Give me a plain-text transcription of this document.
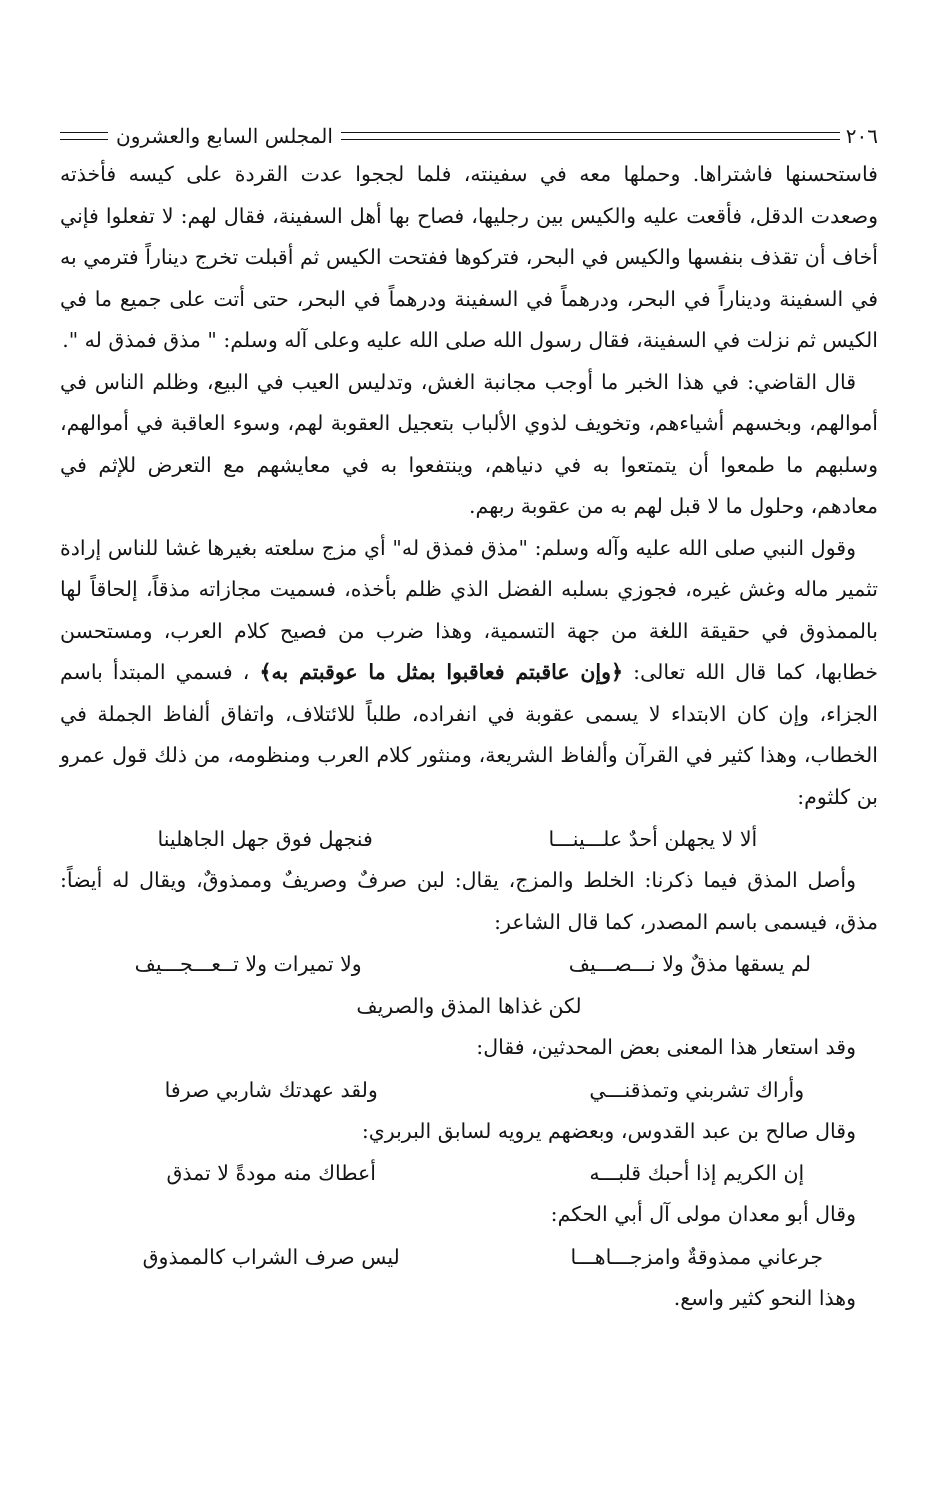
٢٠٦
المجلس السابع والعشرون

فاستحسنها فاشتراها. وحملها معه في سفينته، فلما لججوا عدت القردة على كيسه فأخذته وصعدت الدقل، فأقعت عليه والكيس بين رجليها، فصاح بها أهل السفينة، فقال لهم: لا تفعلوا فإني أخاف أن تقذف بنفسها والكيس في البحر، فتركوها ففتحت الكيس ثم أقبلت تخرج ديناراً فترمي به في السفينة وديناراً في البحر، ودرهماً في السفينة ودرهماً في البحر، حتى أتت على جميع ما في الكيس ثم نزلت في السفينة، فقال رسول الله صلى الله عليه وعلى آله وسلم: " مذق فمذق له ".

قال القاضي: في هذا الخبر ما أوجب مجانبة الغش، وتدليس العيب في البيع، وظلم الناس في أموالهم، وبخسهم أشياءهم، وتخويف لذوي الألباب بتعجيل العقوبة لهم، وسوء العاقبة في أموالهم، وسلبهم ما طمعوا أن يتمتعوا به في دنياهم، وينتفعوا به في معايشهم مع التعرض للإثم في معادهم، وحلول ما لا قبل لهم به من عقوبة ربهم.

وقول النبي صلى الله عليه وآله وسلم: "مذق فمذق له" أي مزج سلعته بغيرها غشا للناس إرادة تثمير ماله وغش غيره، فجوزي بسلبه الفضل الذي ظلم بأخذه، فسميت مجازاته مذقاً، إلحاقاً لها بالممذوق في حقيقة اللغة من جهة التسمية، وهذا ضرب من فصيح كلام العرب، ومستحسن خطابها، كما قال الله تعالى: ﴿وإن عاقبتم فعاقبوا بمثل ما عوقبتم به﴾ ، فسمي المبتدأ باسم الجزاء، وإن كان الابتداء لا يسمى عقوبة في انفراده، طلباً للائتلاف، واتفاق ألفاظ الجملة في الخطاب، وهذا كثير في القرآن وألفاظ الشريعة، ومنثور كلام العرب ومنظومه، من ذلك قول عمرو بن كلثوم:

ألا لا يجهلن أحدٌ علـــينـــا
فنجهل فوق جهل الجاهلينا

وأصل المذق فيما ذكرنا: الخلط والمزج، يقال: لبن صرفٌ وصريفٌ وممذوقٌ، ويقال له أيضاً: مذق، فيسمى باسم المصدر، كما قال الشاعر:

لم يسقها مذقٌ ولا نـــصـــيف
ولا تميرات ولا تــعـــجـــيف
لكن غذاها المذق والصريف

وقد استعار هذا المعنى بعض المحدثين، فقال:

وأراك تشربني وتمذقنـــي
ولقد عهدتك شاربي صرفا

وقال صالح بن عبد القدوس، وبعضهم يرويه لسابق البربري:

إن الكريم إذا أحبك قلبـــه
أعطاك منه مودةً لا تمذق

وقال أبو معدان مولى آل أبي الحكم:

جرعاني ممذوقةٌ وامزجـــاهـــا
ليس صرف الشراب كالممذوق

وهذا النحو كثير واسع.
